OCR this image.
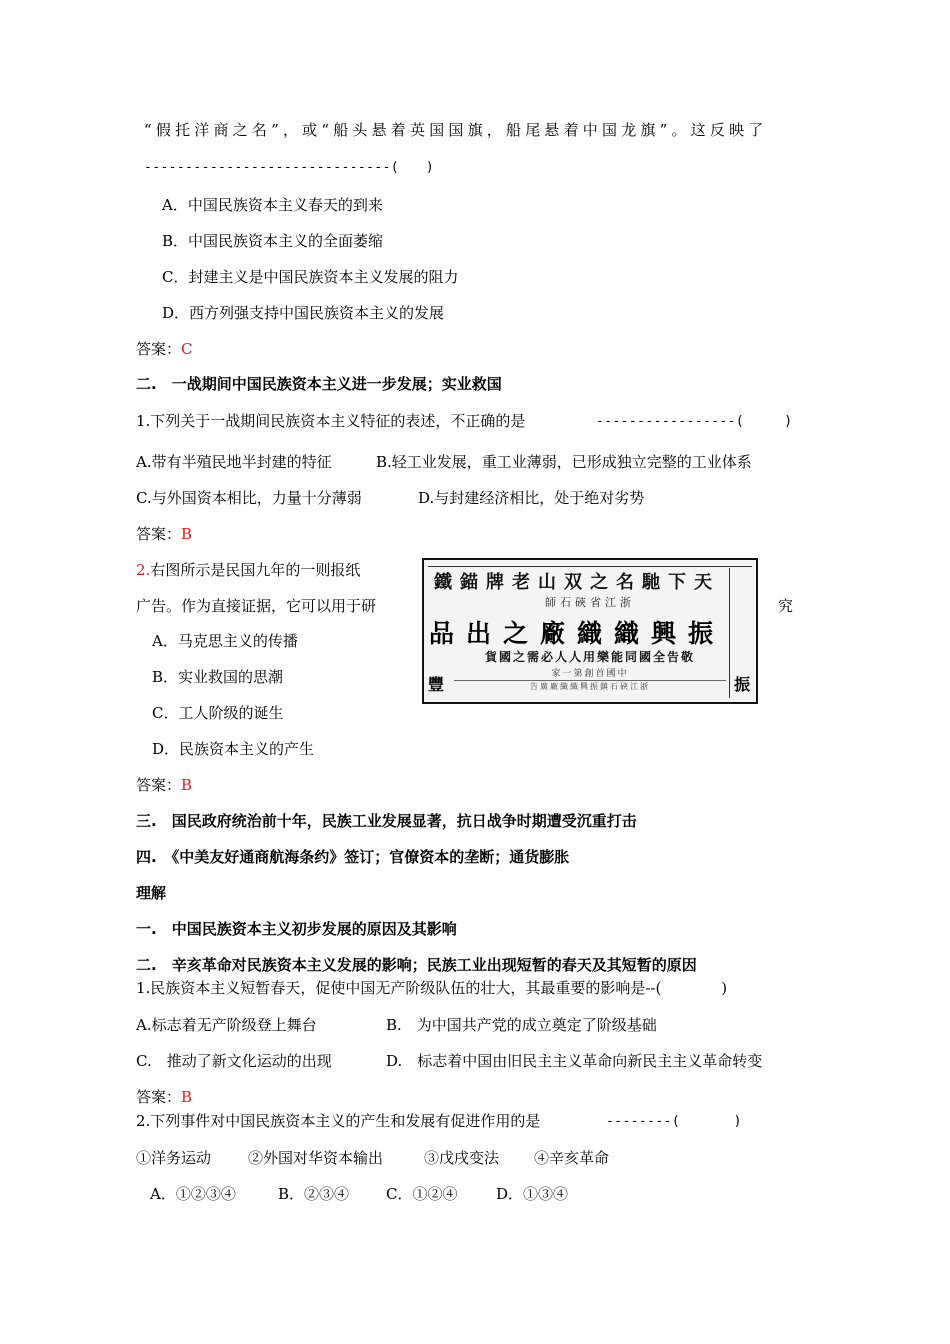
“假托洋商之名”，或“船头悬着英国国旗，船尾悬着中国龙旗”。这反映了
------------------------------(　　)
A．中国民族资本主义春天的到来
B．中国民族资本主义的全面萎缩
C．封建主义是中国民族资本主义发展的阻力
D．西方列强支持中国民族资本主义的发展
答案：C
二.　一战期间中国民族资本主义进一步发展；实业救国
1.下列关于一战期间民族资本主义特征的表述，不正确的是	-----------------(　　　)
A.带有半殖民地半封建的特征	B.轻工业发展，重工业薄弱，已形成独立完整的工业体系
C.与外国资本相比，力量十分薄弱	D.与封建经济相比，处于绝对劣势
答案：B
2.右图所示是民国九年的一则报纸
广告。作为直接证据，它可以用于研	究
鐵錨牌老山双之名馳下天
師石硤省江浙
品出之廠織織興振
貨國之需必人人用樂能同國全告敬
家一第創首國中
告廣廠織織興振鎮石硤江浙
豐	振
A．马克思主义的传播
B．实业救国的思潮
C．工人阶级的诞生
D．民族资本主义的产生
答案：B
三.　国民政府统治前十年，民族工业发展显著，抗日战争时期遭受沉重打击
四.　《中美友好通商航海条约》签订；官僚资本的垄断；通货膨胀
理解
一.　中国民族资本主义初步发展的原因及其影响
二.　辛亥革命对民族资本主义发展的影响；民族工业出现短暂的春天及其短暂的原因
1.民族资本主义短暂春天，促使中国无产阶级队伍的壮大，其最重要的影响是--(　　　　)
A.标志着无产阶级登上舞台	B.　为中国共产党的成立奠定了阶级基础
C.　推动了新文化运动的出现	D.　标志着中国由旧民主主义革命向新民主主义革命转变
答案：B
2.下列事件对中国民族资本主义的产生和发展有促进作用的是	--------(　　　　)
①洋务运动 ②外国对华资本输出	③戊戌变法 ④辛亥革命
A．①②③④	B．②③④ C．①②④	D．①③④
